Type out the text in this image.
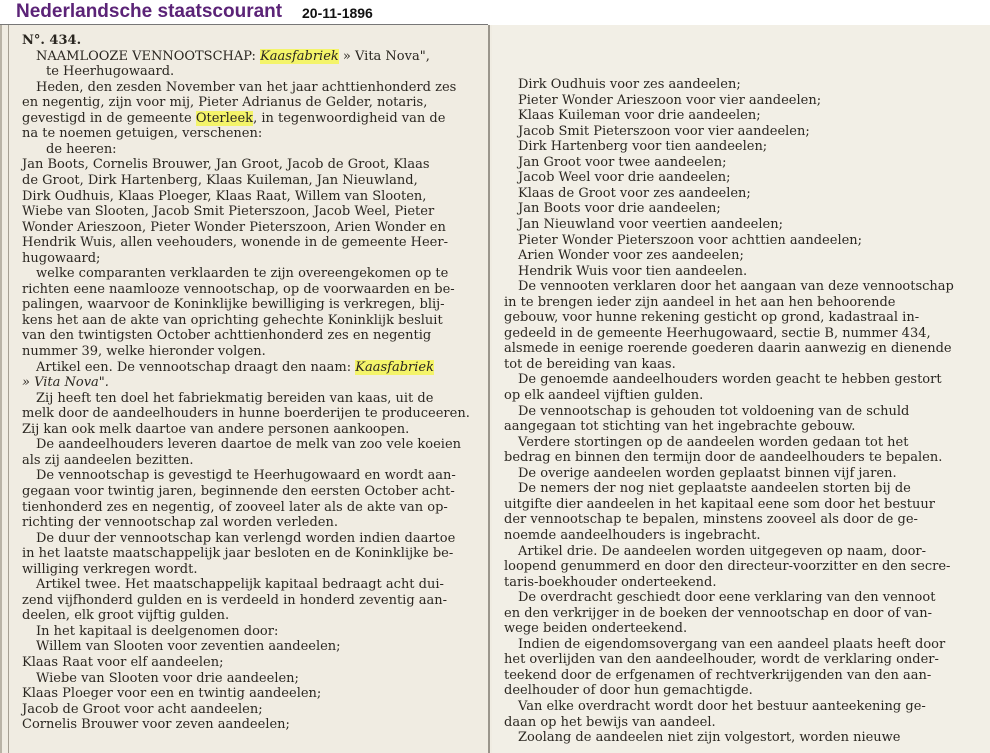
Nederlandsche staatscourant 20-11-1896
N°. 434.
NAAMLOOZE VENNOOTSCHAP: Kaasfabriek » Vita Nova",
te Heerhugowaard.
Heden, den zesden November van het jaar achttienhonderd zes
en negentig, zijn voor mij, Pieter Adrianus de Gelder, notaris,
gevestigd in de gemeente Oterleek, in tegenwoordigheid van de
na te noemen getuigen, verschenen:
de heeren:
Jan Boots, Cornelis Brouwer, Jan Groot, Jacob de Groot, Klaas
de Groot, Dirk Hartenberg, Klaas Kuileman, Jan Nieuwland,
Dirk Oudhuis, Klaas Ploeger, Klaas Raat, Willem van Slooten,
Wiebe van Slooten, Jacob Smit Pieterszoon, Jacob Weel, Pieter
Wonder Arieszoon, Pieter Wonder Pieterszoon, Arien Wonder en
Hendrik Wuis, allen veehouders, wonende in de gemeente Heer-
hugowaard;
welke comparanten verklaarden te zijn overeengekomen op te
richten eene naamlooze vennootschap, op de voorwaarden en be-
palingen, waarvoor de Koninklijke bewilliging is verkregen, blij-
kens het aan de akte van oprichting gehechte Koninklijk besluit
van den twintigsten October achttienhonderd zes en negentig
nummer 39, welke hieronder volgen.
Artikel een. De vennootschap draagt den naam: Kaasfabriek
» Vita Nova".
Zij heeft ten doel het fabriekmatig bereiden van kaas, uit de
melk door de aandeelhouders in hunne boerderijen te produceeren.
Zij kan ook melk daartoe van andere personen aankoopen.
De aandeelhouders leveren daartoe de melk van zoo vele koeien
als zij aandeelen bezitten.
De vennootschap is gevestigd te Heerhugowaard en wordt aan-
gegaan voor twintig jaren, beginnende den eersten October acht-
tienhonderd zes en negentig, of zooveel later als de akte van op-
richting der vennootschap zal worden verleden.
De duur der vennootschap kan verlengd worden indien daartoe
in het laatste maatschappelijk jaar besloten en de Koninklijke be-
williging verkregen wordt.
Artikel twee. Het maatschappelijk kapitaal bedraagt acht dui-
zend vijfhonderd gulden en is verdeeld in honderd zeventig aan-
deelen, elk groot vijftig gulden.
In het kapitaal is deelgenomen door:
Willem van Slooten voor zeventien aandeelen;
Klaas Raat voor elf aandeelen;
Wiebe van Slooten voor drie aandeelen;
Klaas Ploeger voor een en twintig aandeelen;
Jacob de Groot voor acht aandeelen;
Cornelis Brouwer voor zeven aandeelen;
Dirk Oudhuis voor zes aandeelen;
Pieter Wonder Arieszoon voor vier aandeelen;
Klaas Kuileman voor drie aandeelen;
Jacob Smit Pieterszoon voor vier aandeelen;
Dirk Hartenberg voor tien aandeelen;
Jan Groot voor twee aandeelen;
Jacob Weel voor drie aandeelen;
Klaas de Groot voor zes aandeelen;
Jan Boots voor drie aandeelen;
Jan Nieuwland voor veertien aandeelen;
Pieter Wonder Pieterszoon voor achttien aandeelen;
Arien Wonder voor zes aandeelen;
Hendrik Wuis voor tien aandeelen.
De vennooten verklaren door het aangaan van deze vennootschap
in te brengen ieder zijn aandeel in het aan hen behoorende
gebouw, voor hunne rekening gesticht op grond, kadastraal in-
gedeeld in de gemeente Heerhugowaard, sectie B, nummer 434,
alsmede in eenige roerende goederen daarin aanwezig en dienende
tot de bereiding van kaas.
De genoemde aandeelhouders worden geacht te hebben gestort
op elk aandeel vijftien gulden.
De vennootschap is gehouden tot voldoening van de schuld
aangegaan tot stichting van het ingebrachte gebouw.
Verdere stortingen op de aandeelen worden gedaan tot het
bedrag en binnen den termijn door de aandeelhouders te bepalen.
De overige aandeelen worden geplaatst binnen vijf jaren.
De nemers der nog niet geplaatste aandeelen storten bij de
uitgifte dier aandeelen in het kapitaal eene som door het bestuur
der vennootschap te bepalen, minstens zooveel als door de ge-
noemde aandeelhouders is ingebracht.
Artikel drie. De aandeelen worden uitgegeven op naam, door-
loopend genummerd en door den directeur-voorzitter en den secre-
taris-boekhouder onderteekend.
De overdracht geschiedt door eene verklaring van den vennoot
en den verkrijger in de boeken der vennootschap en door of van-
wege beiden onderteekend.
Indien de eigendomsovergang van een aandeel plaats heeft door
het overlijden van den aandeelhouder, wordt de verklaring onder-
teekend door de erfgenamen of rechtverkrijgenden van den aan-
deelhouder of door hun gemachtigde.
Van elke overdracht wordt door het bestuur aanteekening ge-
daan op het bewijs van aandeel.
Zoolang de aandeelen niet zijn volgestort, worden nieuwe
